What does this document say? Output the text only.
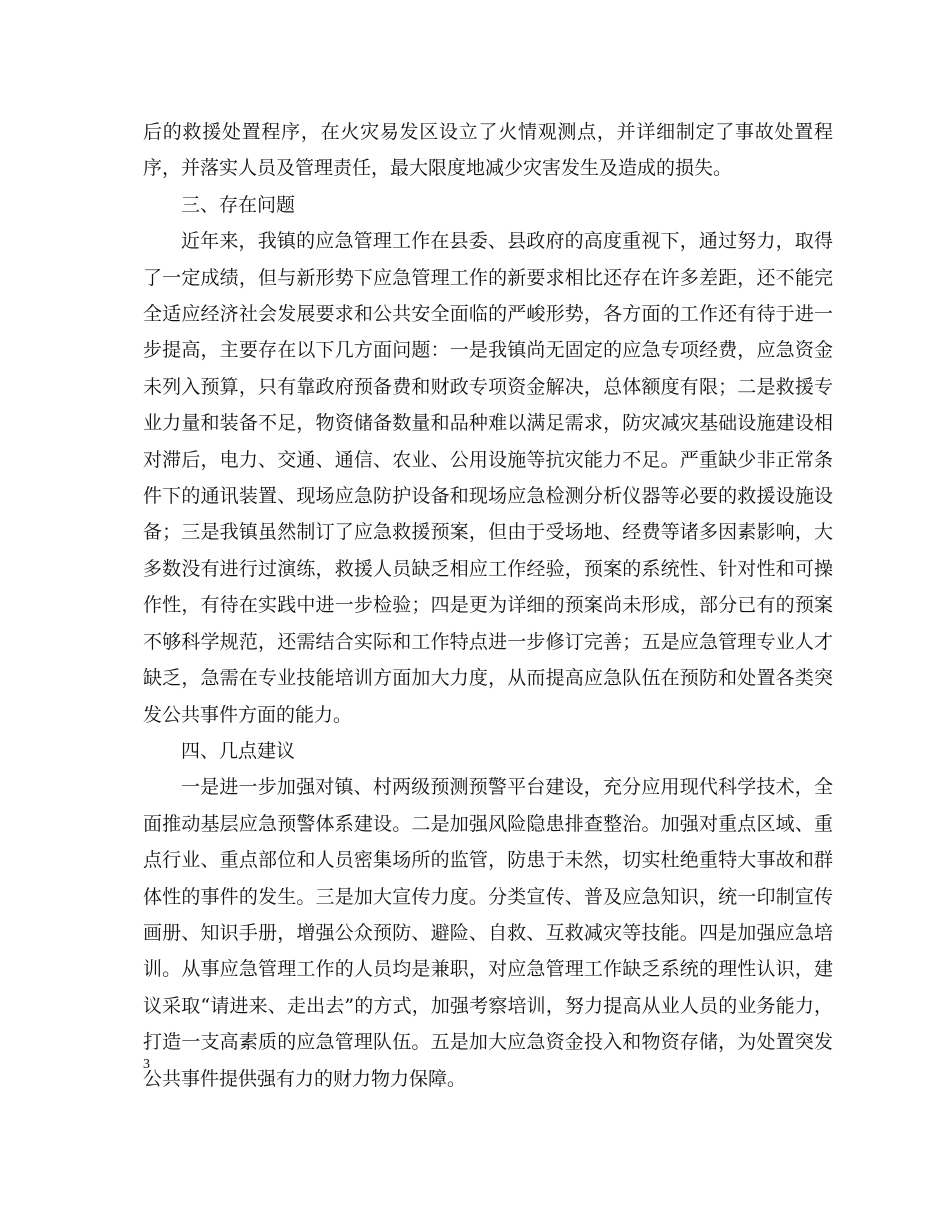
后的救援处置程序，在火灾易发区设立了火情观测点，并详细制定了事故处置程序，并落实人员及管理责任，最大限度地减少灾害发生及造成的损失。

三、存在问题

近年来，我镇的应急管理工作在县委、县政府的高度重视下，通过努力，取得了一定成绩，但与新形势下应急管理工作的新要求相比还存在许多差距，还不能完全适应经济社会发展要求和公共安全面临的严峻形势，各方面的工作还有待于进一步提高，主要存在以下几方面问题：一是我镇尚无固定的应急专项经费，应急资金未列入预算，只有靠政府预备费和财政专项资金解决，总体额度有限；二是救援专业力量和装备不足，物资储备数量和品种难以满足需求，防灾减灾基础设施建设相对滞后，电力、交通、通信、农业、公用设施等抗灾能力不足。严重缺少非正常条件下的通讯装置、现场应急防护设备和现场应急检测分析仪器等必要的救援设施设备；三是我镇虽然制订了应急救援预案，但由于受场地、经费等诸多因素影响，大多数没有进行过演练，救援人员缺乏相应工作经验，预案的系统性、针对性和可操作性，有待在实践中进一步检验；四是更为详细的预案尚未形成，部分已有的预案不够科学规范，还需结合实际和工作特点进一步修订完善；五是应急管理专业人才缺乏，急需在专业技能培训方面加大力度，从而提高应急队伍在预防和处置各类突发公共事件方面的能力。

四、几点建议

一是进一步加强对镇、村两级预测预警平台建设，充分应用现代科学技术，全面推动基层应急预警体系建设。二是加强风险隐患排查整治。加强对重点区域、重点行业、重点部位和人员密集场所的监管，防患于未然，切实杜绝重特大事故和群体性的事件的发生。三是加大宣传力度。分类宣传、普及应急知识，统一印制宣传画册、知识手册，增强公众预防、避险、自救、互救减灾等技能。四是加强应急培训。从事应急管理工作的人员均是兼职，对应急管理工作缺乏系统的理性认识，建议采取“请进来、走出去”的方式，加强考察培训，努力提高从业人员的业务能力，打造一支高素质的应急管理队伍。五是加大应急资金投入和物资存储，为处置突发公共事件提供强有力的财力物力保障。

3
